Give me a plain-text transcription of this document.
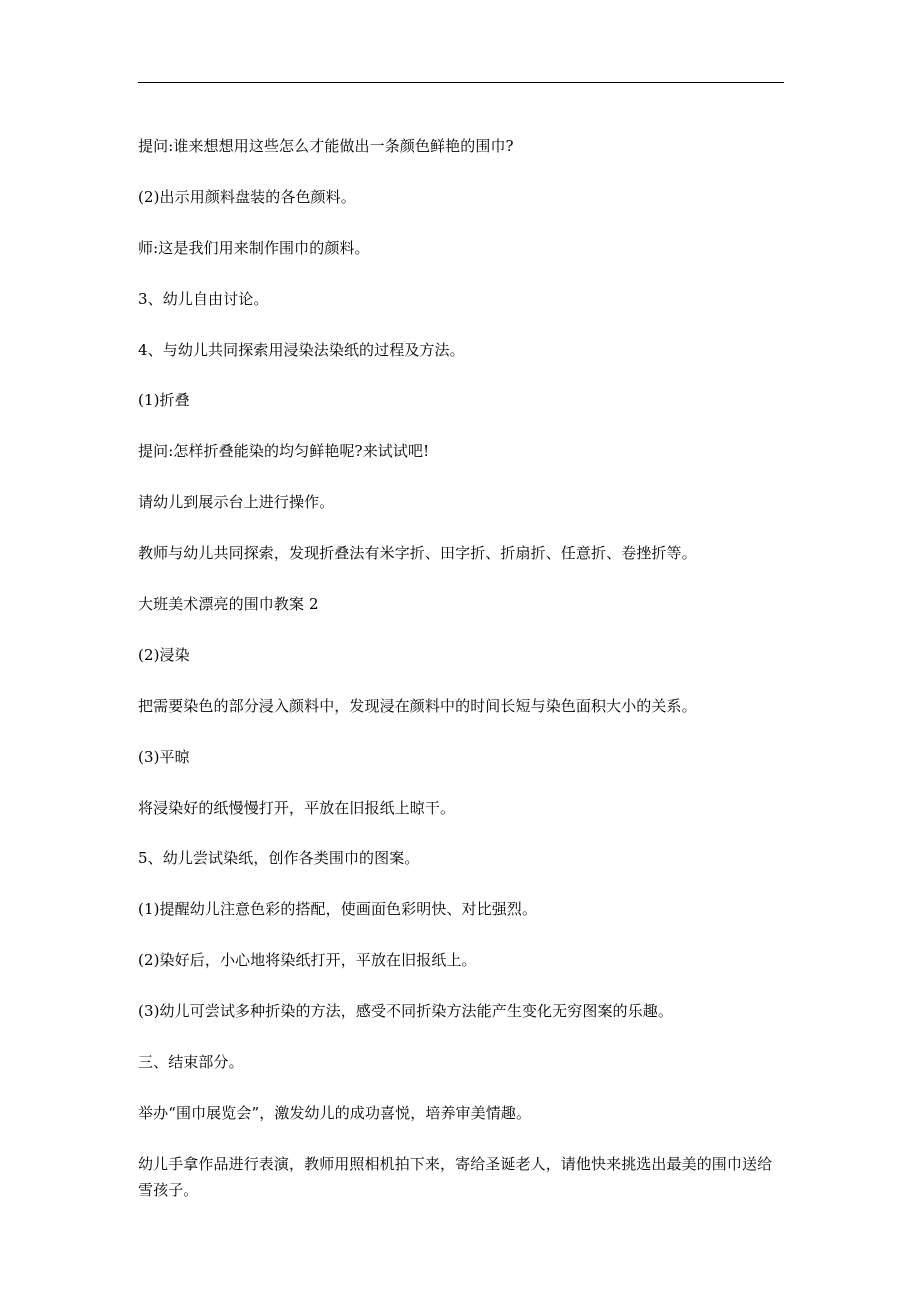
提问:谁来想想用这些怎么才能做出一条颜色鲜艳的围巾?

(2)出示用颜料盘装的各色颜料。

师:这是我们用来制作围巾的颜料。

3、幼儿自由讨论。

4、与幼儿共同探索用浸染法染纸的过程及方法。

(1)折叠

提问:怎样折叠能染的均匀鲜艳呢?来试试吧!

请幼儿到展示台上进行操作。

教师与幼儿共同探索，发现折叠法有米字折、田字折、折扇折、任意折、卷挫折等。

大班美术漂亮的围巾教案 2

(2)浸染

把需要染色的部分浸入颜料中，发现浸在颜料中的时间长短与染色面积大小的关系。

(3)平晾

将浸染好的纸慢慢打开，平放在旧报纸上晾干。

5、幼儿尝试染纸，创作各类围巾的图案。

(1)提醒幼儿注意色彩的搭配，使画面色彩明快、对比强烈。

(2)染好后，小心地将染纸打开，平放在旧报纸上。

(3)幼儿可尝试多种折染的方法，感受不同折染方法能产生变化无穷图案的乐趣。

三、结束部分。

举办“围巾展览会”，激发幼儿的成功喜悦，培养审美情趣。

幼儿手拿作品进行表演，教师用照相机拍下来，寄给圣诞老人，请他快来挑选出最美的围巾送给雪孩子。
